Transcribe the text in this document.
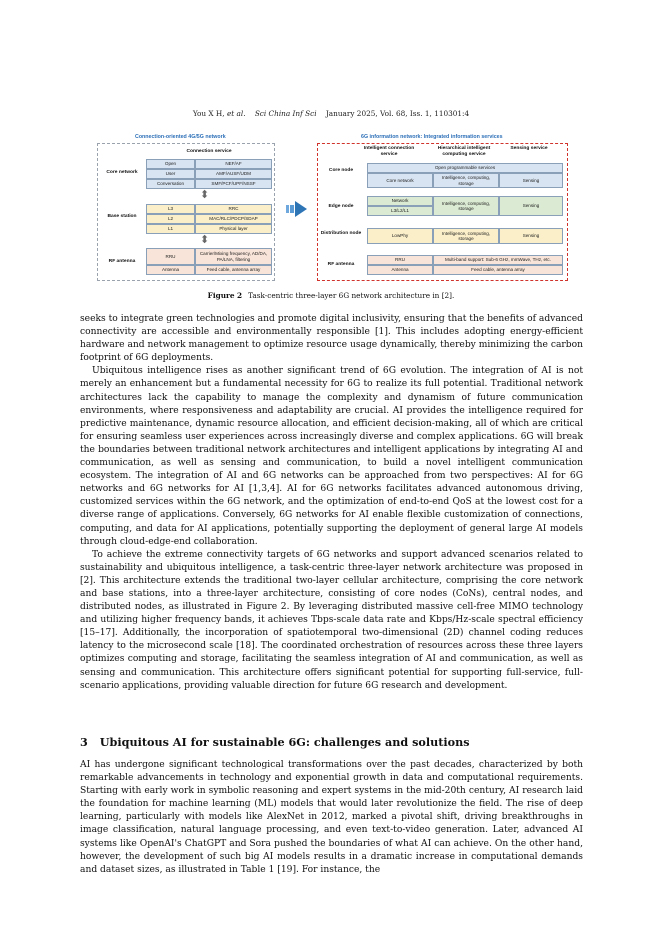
You X H, et al. Sci China Inf Sci January 2025, Vol. 68, Iss. 1, 110301:4
Connection-oriented 4G/5G network	6G information network: Integrated information services
Connection service
Core network
Open	NEF/AF
User	AMF/AUSF/UDM
Conversation	SMF/PCF/UPF/NSSF
⬍
Base station
L3	RRC
L2	MAC/RLC/PDCP/SDAP
L1	Physical layer
⬍
RF antenna
RRU
Carrier/Mixing frequency, AD/DA, PA/LNA, filtering
Antenna	Feed cable, antenna array
Intelligent connection service
Hierarchical intelligent computing service
Sensing service
Core node
Open programmable services
Core network
Intelligence, computing, storage
Sensing
Edge node
Network
L3/L2/L1
Intelligence, computing, storage
Sensing
Distribution node	LowPhy
Intelligence, computing, storage
Sensing
RF antenna
RRU	Multi-band support: Sub-6 GHz, mmWave, THz, etc.
Antenna	Feed cable, antenna array
Figure 2 Task-centric three-layer 6G network architecture in [2].

seeks to integrate green technologies and promote digital inclusivity, ensuring that the benefits of advanced connectivity are accessible and environmentally responsible [1]. This includes adopting energy-efficient hardware and network management to optimize resource usage dynamically, thereby minimizing the carbon footprint of 6G deployments.

Ubiquitous intelligence rises as another significant trend of 6G evolution. The integration of AI is not merely an enhancement but a fundamental necessity for 6G to realize its full potential. Traditional network architectures lack the capability to manage the complexity and dynamism of future communication environments, where responsiveness and adaptability are crucial. AI provides the intelligence required for predictive maintenance, dynamic resource allocation, and efficient decision-making, all of which are critical for ensuring seamless user experiences across increasingly diverse and complex applications. 6G will break the boundaries between traditional network architectures and intelligent applications by integrating AI and communication, as well as sensing and communication, to build a novel intelligent communication ecosystem. The integration of AI and 6G networks can be approached from two perspectives: AI for 6G networks and 6G networks for AI [1,3,4]. AI for 6G networks facilitates advanced autonomous driving, customized services within the 6G network, and the optimization of end-to-end QoS at the lowest cost for a diverse range of applications. Conversely, 6G networks for AI enable flexible customization of connections, computing, and data for AI applications, potentially supporting the deployment of general large AI models through cloud-edge-end collaboration.

To achieve the extreme connectivity targets of 6G networks and support advanced scenarios related to sustainability and ubiquitous intelligence, a task-centric three-layer network architecture was proposed in [2]. This architecture extends the traditional two-layer cellular architecture, comprising the core network and base stations, into a three-layer architecture, consisting of core nodes (CoNs), central nodes, and distributed nodes, as illustrated in Figure 2. By leveraging distributed massive cell-free MIMO technology and utilizing higher frequency bands, it achieves Tbps-scale data rate and Kbps/Hz-scale spectral efficiency [15–17]. Additionally, the incorporation of spatiotemporal two-dimensional (2D) channel coding reduces latency to the microsecond scale [18]. The coordinated orchestration of resources across these three layers optimizes computing and storage, facilitating the seamless integration of AI and communication, as well as sensing and communication. This architecture offers significant potential for supporting full-service, full-scenario applications, providing valuable direction for future 6G research and development.

3 Ubiquitous AI for sustainable 6G: challenges and solutions

AI has undergone significant technological transformations over the past decades, characterized by both remarkable advancements in technology and exponential growth in data and computational requirements. Starting with early work in symbolic reasoning and expert systems in the mid-20th century, AI research laid the foundation for machine learning (ML) models that would later revolutionize the field. The rise of deep learning, particularly with models like AlexNet in 2012, marked a pivotal shift, driving breakthroughs in image classification, natural language processing, and even text-to-video generation. Later, advanced AI systems like OpenAI's ChatGPT and Sora pushed the boundaries of what AI can achieve. On the other hand, however, the development of such big AI models results in a dramatic increase in computational demands and dataset sizes, as illustrated in Table 1 [19]. For instance, the
